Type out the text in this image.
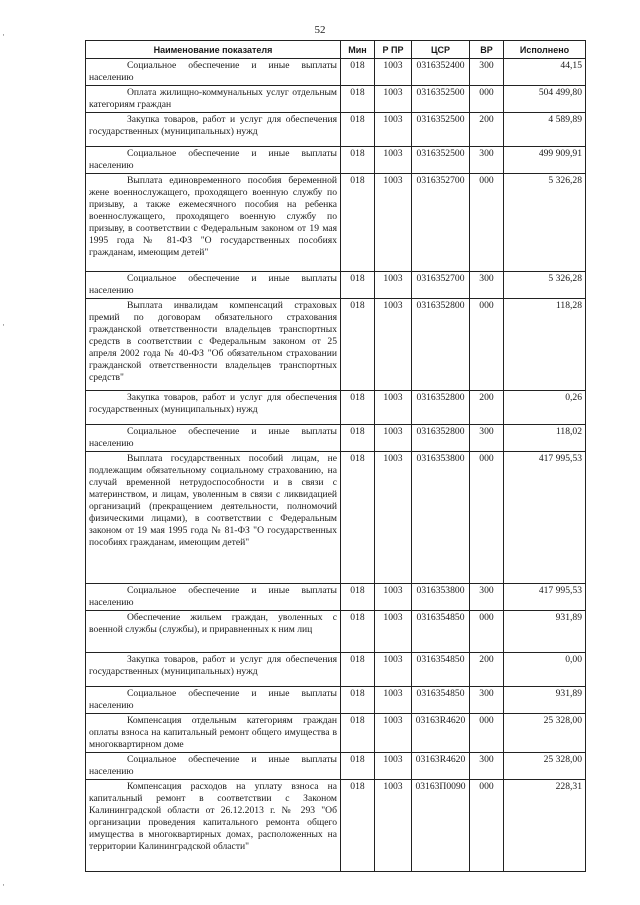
52
Наименование показателя	Мин	Р ПР	ЦСР	ВР	Исполнено
Социальное обеспечение и иные выплаты населению	018	1003	0316352400	300	44,15
Оплата жилищно-коммунальных услуг отдельным категориям граждан	018	1003	0316352500	000	504 499,80
Закупка товаров, работ и услуг для обеспечения государственных (муниципальных) нужд	018	1003	0316352500	200	4 589,89
Социальное обеспечение и иные выплаты населению	018	1003	0316352500	300	499 909,91
Выплата единовременного пособия беременной жене военнослужащего, проходящего военную службу по призыву, а также ежемесячного пособия на ребенка военнослужащего, проходящего военную службу по призыву, в соответствии с Федеральным законом от 19 мая 1995 года № 81-ФЗ "О государственных пособиях гражданам, имеющим детей"	018	1003	0316352700	000	5 326,28
Социальное обеспечение и иные выплаты населению	018	1003	0316352700	300	5 326,28
Выплата инвалидам компенсаций страховых премий по договорам обязательного страхования гражданской ответственности владельцев транспортных средств в соответствии с Федеральным законом от 25 апреля 2002 года № 40-ФЗ "Об обязательном страховании гражданской ответственности владельцев транспортных средств"	018	1003	0316352800	000	118,28
Закупка товаров, работ и услуг для обеспечения государственных (муниципальных) нужд	018	1003	0316352800	200	0,26
Социальное обеспечение и иные выплаты населению	018	1003	0316352800	300	118,02
Выплата государственных пособий лицам, не подлежащим обязательному социальному страхованию, на случай временной нетрудоспособности и в связи с материнством, и лицам, уволенным в связи с ликвидацией организаций (прекращением деятельности, полномочий физическими лицами), в соответствии с Федеральным законом от 19 мая 1995 года № 81-ФЗ "О государственных пособиях гражданам, имеющим детей"	018	1003	0316353800	000	417 995,53
Социальное обеспечение и иные выплаты населению	018	1003	0316353800	300	417 995,53
Обеспечение жильем граждан, уволенных с военной службы (службы), и приравненных к ним лиц	018	1003	0316354850	000	931,89
Закупка товаров, работ и услуг для обеспечения государственных (муниципальных) нужд	018	1003	0316354850	200	0,00
Социальное обеспечение и иные выплаты населению	018	1003	0316354850	300	931,89
Компенсация отдельным категориям граждан оплаты взноса на капитальный ремонт общего имущества в многоквартирном доме	018	1003	03163R4620	000	25 328,00
Социальное обеспечение и иные выплаты населению	018	1003	03163R4620	300	25 328,00
Компенсация расходов на уплату взноса на капитальный ремонт в соответствии с Законом Калининградской области от 26.12.2013 г. № 293 "Об организации проведения капитального ремонта общего имущества в многоквартирных домах, расположенных на территории Калининградской области"	018	1003	03163П0090	000	228,31
·
·
·
